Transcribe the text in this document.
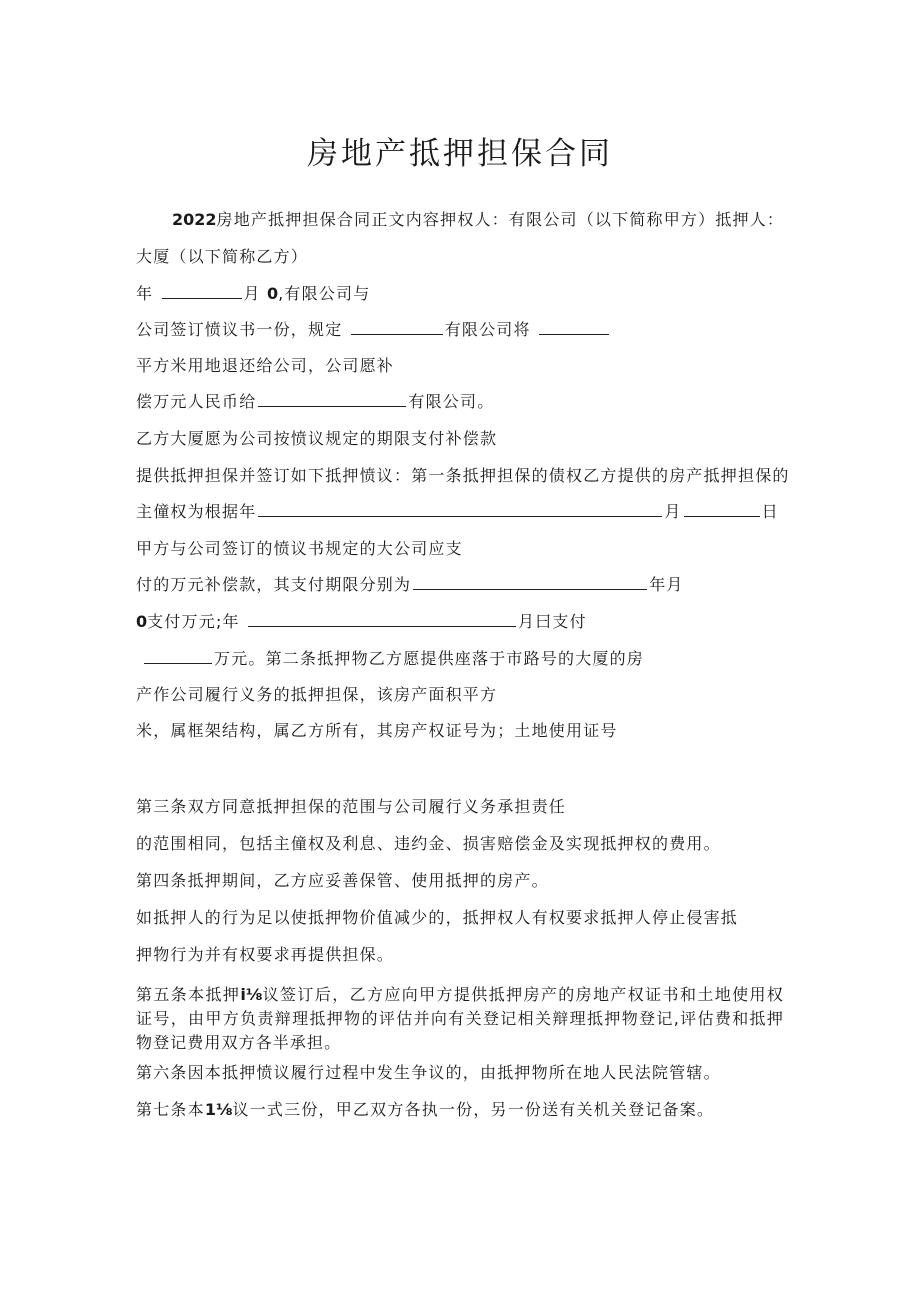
房地产抵押担保合同
2022房地产抵押担保合同正文内容押权人：有限公司（以下简称甲方）抵押人：
大厦（以下简称乙方）
年	月 0,有限公司与
公司签订愤议书一份，规定	有限公司将
平方米用地退还给公司，公司愿补
偿万元人民币给	有限公司。
乙方大厦愿为公司按愤议规定的期限支付补偿款
提供抵押担保并签订如下抵押愤议：第一条抵押担保的债权乙方提供的房产抵押担保的
主僮权为根据年	月	日
甲方与公司签订的愤议书规定的大公司应支
付的万元补偿款，其支付期限分别为	年月
0支付万元;年	月曰支付
万元。第二条抵押物乙方愿提供座落于市路号的大厦的房
产作公司履行义务的抵押担保，该房产面积平方
米，属框架结构，属乙方所有，其房产权证号为；土地使用证号
第三条双方同意抵押担保的范围与公司履行义务承担责任
的范围相同，包括主僮权及利息、违约金、损害赔偿金及实现抵押权的费用。
第四条抵押期间，乙方应妥善保管、使用抵押的房产。
如抵押人的行为足以使抵押物价值减少的，抵押权人有权要求抵押人停止侵害抵
押物行为并有权要求再提供担保。
第五条本抵押i⅛议签订后，乙方应向甲方提供抵押房产的房地产权证书和土地使用权证号，由甲方负责辩理抵押物的评估并向有关登记相关辩理抵押物登记,评估费和抵押物登记费用双方各半承担。
第六条因本抵押愤议履行过程中发生争议的，由抵押物所在地人民法院管辖。
第七条本1⅛议一式三份，甲乙双方各执一份，另一份送有关机关登记备案。
